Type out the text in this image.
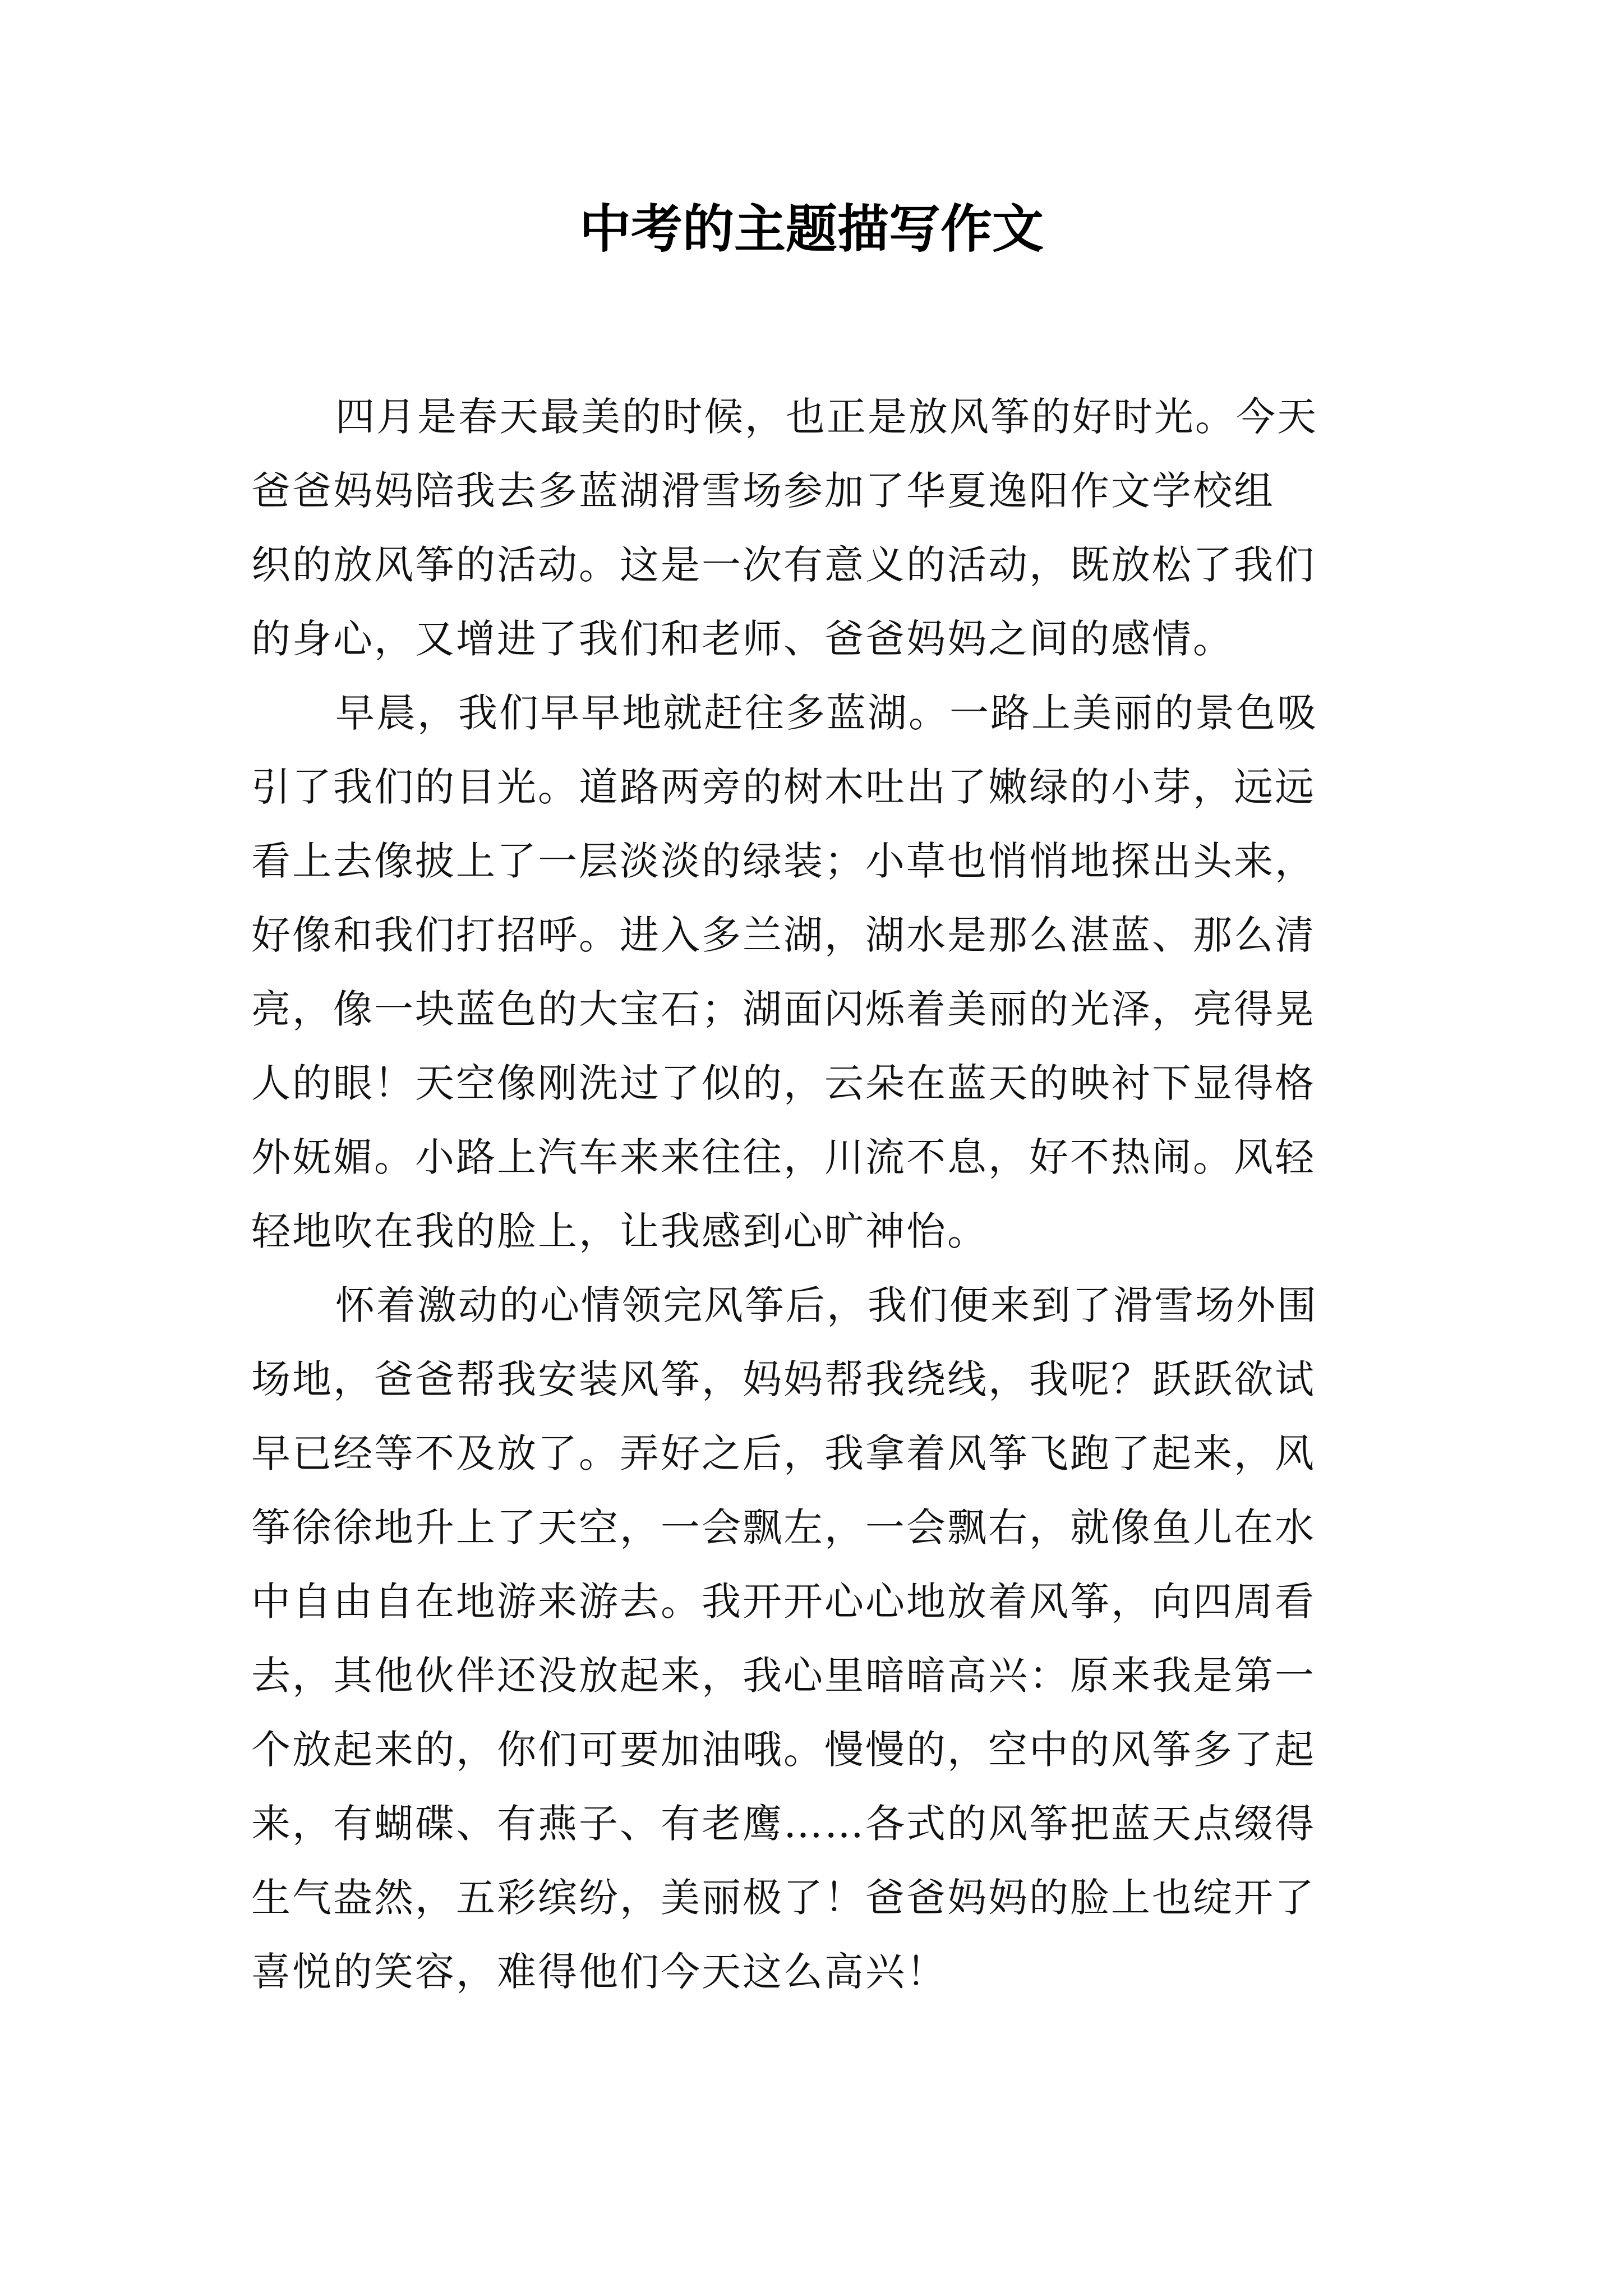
中考的主题描写作文
四月是春天最美的时候，也正是放风筝的好时光。今天
爸爸妈妈陪我去多蓝湖滑雪场参加了华夏逸阳作文学校组
织的放风筝的活动。这是一次有意义的活动，既放松了我们
的身心，又增进了我们和老师、爸爸妈妈之间的感情。
早晨，我们早早地就赶往多蓝湖。一路上美丽的景色吸
引了我们的目光。道路两旁的树木吐出了嫩绿的小芽，远远
看上去像披上了一层淡淡的绿装；小草也悄悄地探出头来，
好像和我们打招呼。进入多兰湖，湖水是那么湛蓝、那么清
亮，像一块蓝色的大宝石；湖面闪烁着美丽的光泽，亮得晃
人的眼！天空像刚洗过了似的，云朵在蓝天的映衬下显得格
外妩媚。小路上汽车来来往往，川流不息，好不热闹。风轻
轻地吹在我的脸上，让我感到心旷神怡。
怀着激动的心情领完风筝后，我们便来到了滑雪场外围
场地，爸爸帮我安装风筝，妈妈帮我绕线，我呢？跃跃欲试
早已经等不及放了。弄好之后，我拿着风筝飞跑了起来，风
筝徐徐地升上了天空，一会飘左，一会飘右，就像鱼儿在水
中自由自在地游来游去。我开开心心地放着风筝，向四周看
去，其他伙伴还没放起来，我心里暗暗高兴：原来我是第一
个放起来的，你们可要加油哦。慢慢的，空中的风筝多了起
来，有蝴碟、有燕子、有老鹰……各式的风筝把蓝天点缀得
生气盎然，五彩缤纷，美丽极了！爸爸妈妈的脸上也绽开了
喜悦的笑容，难得他们今天这么高兴！
